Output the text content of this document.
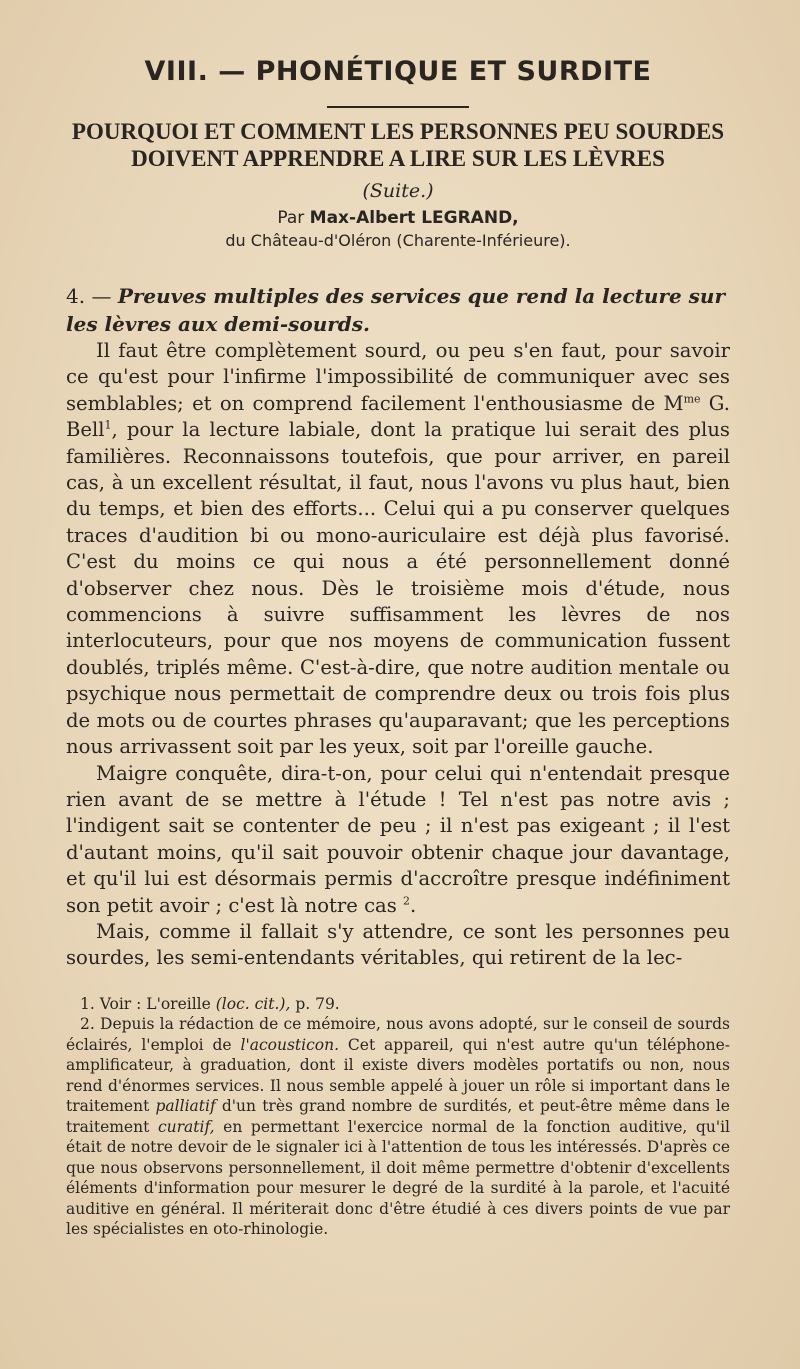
VIII. — PHONÉTIQUE ET SURDITE
POURQUOI ET COMMENT LES PERSONNES PEU SOURDES DOIVENT APPRENDRE A LIRE SUR LES LÈVRES
(Suite.)
Par Max-Albert LEGRAND,
du Château-d'Oléron (Charente-Inférieure).

4. — Preuves multiples des services que rend la lecture sur les lèvres aux demi-sourds.

Il faut être complètement sourd, ou peu s'en faut, pour savoir ce qu'est pour l'infirme l'impossibilité de communiquer avec ses semblables; et on comprend facilement l'enthousiasme de $M^{me}$ G. Bell$^1$, pour la lecture labiale, dont la pratique lui serait des plus familières. Reconnaissons toutefois, que pour arriver, en pareil cas, à un excellent résultat, il faut, nous l'avons vu plus haut, bien du temps, et bien des efforts... Celui qui a pu conserver quelques traces d'audition bi ou mono-auriculaire est déjà plus favorisé. C'est du moins ce qui nous a été personnellement donné d'observer chez nous. Dès le troisième mois d'étude, nous commencions à suivre suffisamment les lèvres de nos interlocuteurs, pour que nos moyens de communication fussent doublés, triplés même. C'est-à-dire, que notre audition mentale ou psychique nous permettait de comprendre deux ou trois fois plus de mots ou de courtes phrases qu'auparavant; que les perceptions nous arrivassent soit par les yeux, soit par l'oreille gauche.

Maigre conquête, dira-t-on, pour celui qui n'entendait presque rien avant de se mettre à l'étude ! Tel n'est pas notre avis ; l'indigent sait se contenter de peu ; il n'est pas exigeant ; il l'est d'autant moins, qu'il sait pouvoir obtenir chaque jour davantage, et qu'il lui est désormais permis d'accroître presque indéfiniment son petit avoir ; c'est là notre cas $^2$.

Mais, comme il fallait s'y attendre, ce sont les personnes peu sourdes, les semi-entendants véritables, qui retirent de la lec-

1. Voir : L'oreille (loc. cit.), p. 79.

2. Depuis la rédaction de ce mémoire, nous avons adopté, sur le conseil de sourds éclairés, l'emploi de l'acousticon. Cet appareil, qui n'est autre qu'un téléphone-amplificateur, à graduation, dont il existe divers modèles portatifs ou non, nous rend d'énormes services. Il nous semble appelé à jouer un rôle si important dans le traitement palliatif d'un très grand nombre de surdités, et peut-être même dans le traitement curatif, en permettant l'exercice normal de la fonction auditive, qu'il était de notre devoir de le signaler ici à l'attention de tous les intéressés. D'après ce que nous observons personnellement, il doit même permettre d'obtenir d'excellents éléments d'information pour mesurer le degré de la surdité à la parole, et l'acuité auditive en général. Il mériterait donc d'être étudié à ces divers points de vue par les spécialistes en oto-rhinologie.
